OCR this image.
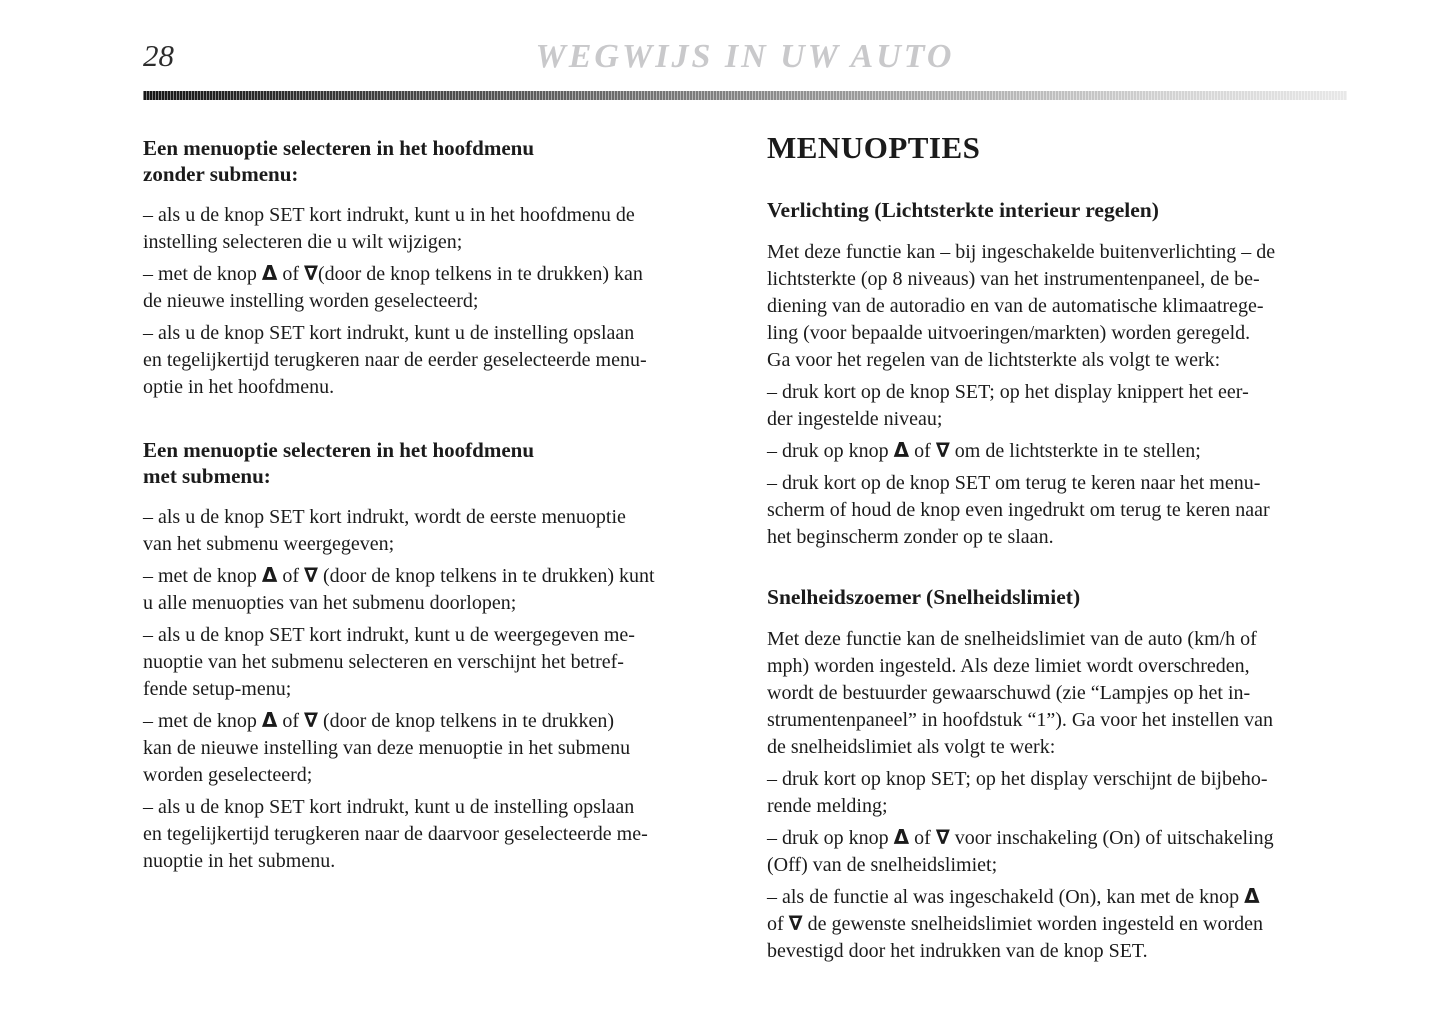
28	WEGWIJS IN UW AUTO
Een menuoptie selecteren in het hoofdmenu
zonder submenu:
– als u de knop SET kort indrukt, kunt u in het hoofdmenu de
instelling selecteren die u wilt wijzigen;
– met de knop Δ of ∇(door de knop telkens in te drukken) kan
de nieuwe instelling worden geselecteerd;
– als u de knop SET kort indrukt, kunt u de instelling opslaan
en tegelijkertijd terugkeren naar de eerder geselecteerde menu-
optie in het hoofdmenu.
Een menuoptie selecteren in het hoofdmenu
met submenu:
– als u de knop SET kort indrukt, wordt de eerste menuoptie
van het submenu weergegeven;
– met de knop Δ of ∇ (door de knop telkens in te drukken) kunt
u alle menuopties van het submenu doorlopen;
– als u de knop SET kort indrukt, kunt u de weergegeven me-
nuoptie van het submenu selecteren en verschijnt het betref-
fende setup-menu;
– met de knop Δ of ∇ (door de knop telkens in te drukken)
kan de nieuwe instelling van deze menuoptie in het submenu
worden geselecteerd;
– als u de knop SET kort indrukt, kunt u de instelling opslaan
en tegelijkertijd terugkeren naar de daarvoor geselecteerde me-
nuoptie in het submenu.
MENUOPTIES
Verlichting (Lichtsterkte interieur regelen)
Met deze functie kan – bij ingeschakelde buitenverlichting – de
lichtsterkte (op 8 niveaus) van het instrumentenpaneel, de be-
diening van de autoradio en van de automatische klimaatrege-
ling (voor bepaalde uitvoeringen/markten) worden geregeld.
Ga voor het regelen van de lichtsterkte als volgt te werk:
– druk kort op de knop SET; op het display knippert het eer-
der ingestelde niveau;
– druk op knop Δ of ∇ om de lichtsterkte in te stellen;
– druk kort op de knop SET om terug te keren naar het menu-
scherm of houd de knop even ingedrukt om terug te keren naar
het beginscherm zonder op te slaan.
Snelheidszoemer (Snelheidslimiet)
Met deze functie kan de snelheidslimiet van de auto (km/h of
mph) worden ingesteld. Als deze limiet wordt overschreden,
wordt de bestuurder gewaarschuwd (zie “Lampjes op het in-
strumentenpaneel” in hoofdstuk “1”). Ga voor het instellen van
de snelheidslimiet als volgt te werk:
– druk kort op knop SET; op het display verschijnt de bijbeho-
rende melding;
– druk op knop Δ of ∇ voor inschakeling (On) of uitschakeling
(Off) van de snelheidslimiet;
– als de functie al was ingeschakeld (On), kan met de knop Δ
of ∇ de gewenste snelheidslimiet worden ingesteld en worden
bevestigd door het indrukken van de knop SET.
